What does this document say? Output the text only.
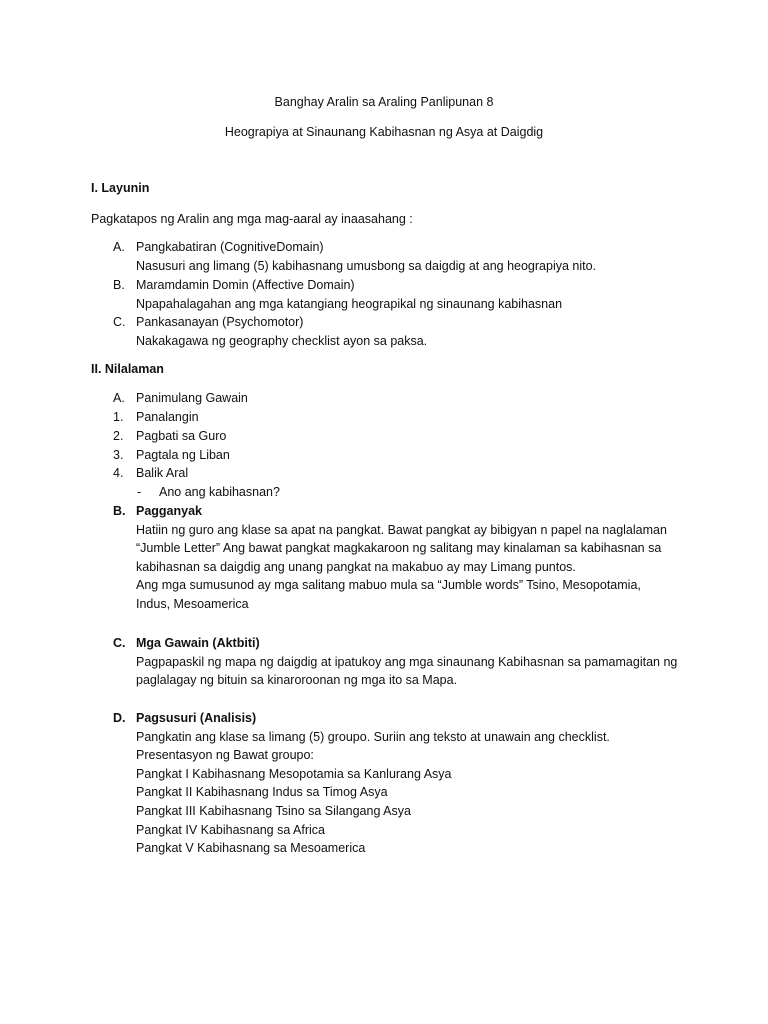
Banghay Aralin sa Araling Panlipunan 8
Heograpiya at Sinaunang Kabihasnan ng Asya at Daigdig
I. Layunin
Pagkatapos ng Aralin ang mga mag-aaral ay inaasahang :
A. Pangkabatiran (CognitiveDomain)
Nasusuri ang limang (5) kabihasnang umusbong sa daigdig at ang heograpiya nito.
B. Maramdamin Domin (Affective Domain)
Npapahalagahan ang mga katangiang heograpikal ng sinaunang kabihasnan
C. Pankasanayan (Psychomotor)
Nakakagawa ng geography checklist ayon sa paksa.
II. Nilalaman
A. Panimulang Gawain
1.	Panalangin
2.	Pagbati sa Guro
3.	Pagtala ng Liban
4.	Balik Aral
-	Ano ang kabihasnan?
B. Pagganyak
Hatiin ng guro ang klase sa apat na pangkat. Bawat pangkat ay bibigyan n papel na naglalaman
“Jumble Letter” Ang bawat pangkat magkakaroon ng salitang may kinalaman sa kabihasnan sa
kabihasnan sa daigdig ang unang pangkat na makabuo ay may Limang puntos.
Ang mga sumusunod ay mga salitang mabuo mula sa “Jumble words” Tsino, Mesopotamia,
Indus, Mesoamerica
C. Mga Gawain (Aktbiti)
Pagpapaskil ng mapa ng daigdig at ipatukoy ang mga sinaunang Kabihasnan sa pamamagitan ng
paglalagay ng bituin sa kinaroroonan ng mga ito sa Mapa.
D. Pagsusuri (Analisis)
Pangkatin ang klase sa limang (5) groupo. Suriin ang teksto at unawain ang checklist.
Presentasyon ng Bawat groupo:
Pangkat I Kabihasnang Mesopotamia sa Kanlurang Asya
Pangkat II Kabihasnang Indus sa Timog Asya
Pangkat III Kabihasnang Tsino sa Silangang Asya
Pangkat IV Kabihasnang sa Africa
Pangkat V Kabihasnang sa Mesoamerica
